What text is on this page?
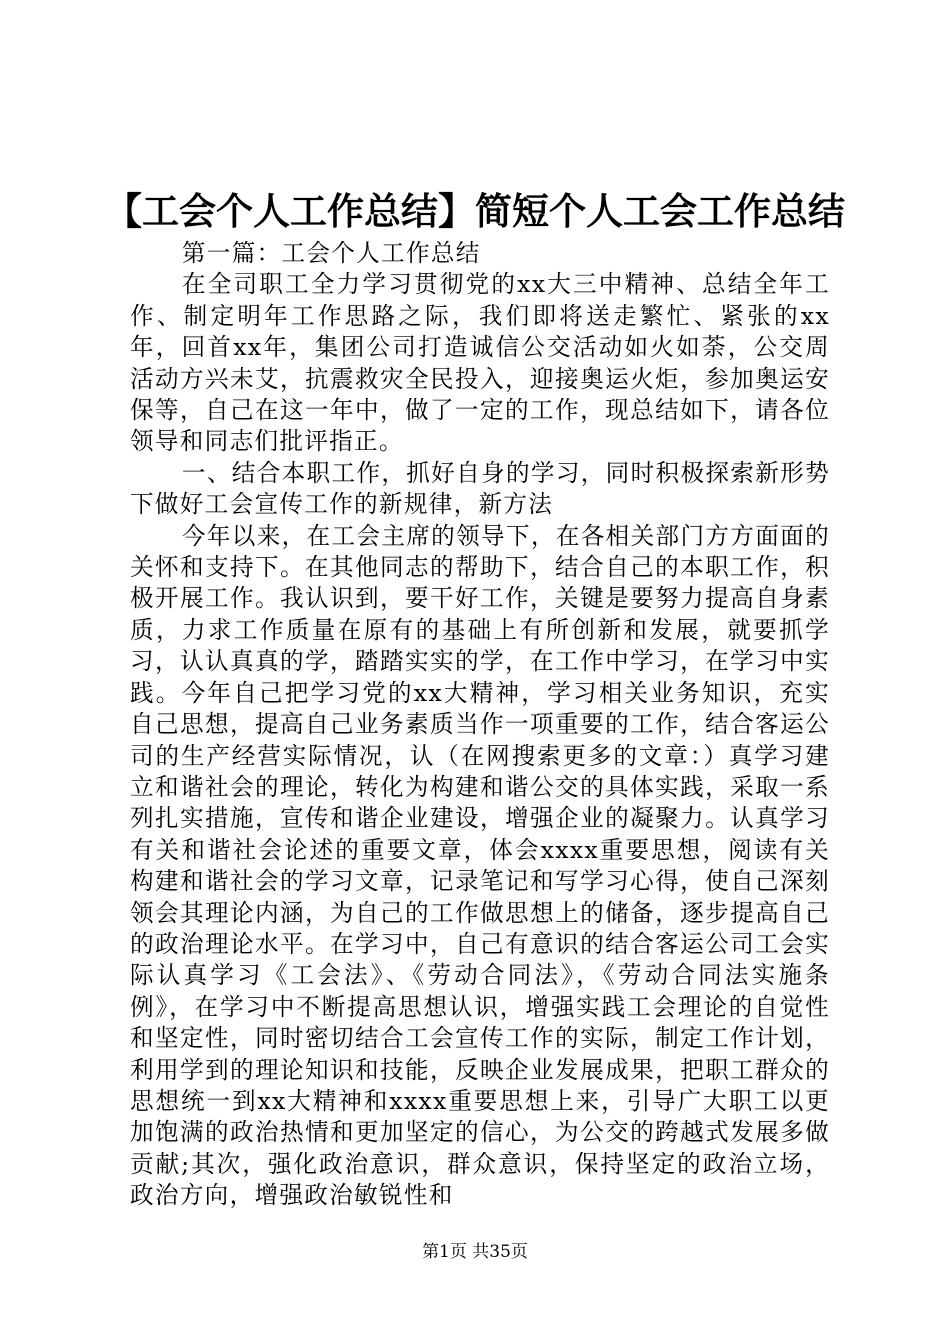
【工会个人工作总结】简短个人工会工作总结

第一篇：工会个人工作总结

在全司职工全力学习贯彻党的xx大三中精神、总结全年工作、制定明年工作思路之际，我们即将送走繁忙、紧张的xx年，回首xx年，集团公司打造诚信公交活动如火如荼，公交周活动方兴未艾，抗震救灾全民投入，迎接奥运火炬，参加奥运安保等，自己在这一年中，做了一定的工作，现总结如下，请各位领导和同志们批评指正。

一、结合本职工作，抓好自身的学习，同时积极探索新形势下做好工会宣传工作的新规律，新方法

今年以来，在工会主席的领导下，在各相关部门方方面面的关怀和支持下。在其他同志的帮助下，结合自己的本职工作，积极开展工作。我认识到，要干好工作，关键是要努力提高自身素质，力求工作质量在原有的基础上有所创新和发展，就要抓学习，认认真真的学，踏踏实实的学，在工作中学习，在学习中实践。今年自己把学习党的xx大精神，学习相关业务知识，充实自己思想，提高自己业务素质当作一项重要的工作，结合客运公司的生产经营实际情况，认（在网搜索更多的文章：）真学习建立和谐社会的理论，转化为构建和谐公交的具体实践，采取一系列扎实措施，宣传和谐企业建设，增强企业的凝聚力。认真学习有关和谐社会论述的重要文章，体会xxxx重要思想，阅读有关构建和谐社会的学习文章，记录笔记和写学习心得，使自己深刻领会其理论内涵，为自己的工作做思想上的储备，逐步提高自己的政治理论水平。在学习中，自己有意识的结合客运公司工会实际认真学习《工会法》、《劳动合同法》，《劳动合同法实施条例》，在学习中不断提高思想认识，增强实践工会理论的自觉性和坚定性，同时密切结合工会宣传工作的实际，制定工作计划，利用学到的理论知识和技能，反映企业发展成果，把职工群众的思想统一到xx大精神和xxxx重要思想上来，引导广大职工以更加饱满的政治热情和更加坚定的信心，为公交的跨越式发展多做贡献;其次，强化政治意识，群众意识，保持坚定的政治立场，政治方向，增强政治敏锐性和

第1页 共35页
